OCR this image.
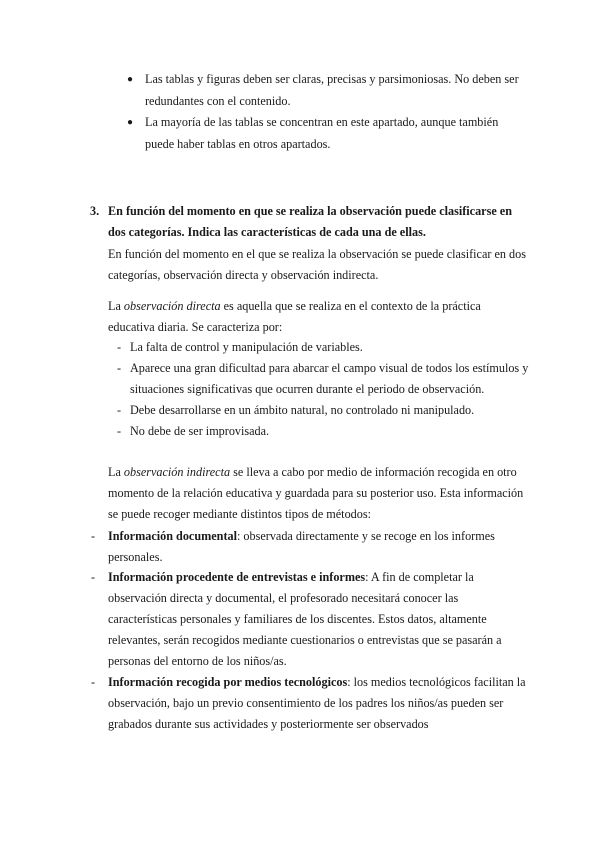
● Las tablas y figuras deben ser claras, precisas y parsimoniosas. No deben ser
redundantes con el contenido.
● La mayoría de las tablas se concentran en este apartado, aunque también
puede haber tablas en otros apartados.
3. En función del momento en que se realiza la observación puede clasificarse en
dos categorías. Indica las características de cada una de ellas.
En función del momento en el que se realiza la observación se puede clasificar en dos
categorías, observación directa y observación indirecta.
La observación directa es aquella que se realiza en el contexto de la práctica
educativa diaria. Se caracteriza por:
- La falta de control y manipulación de variables.
- Aparece una gran dificultad para abarcar el campo visual de todos los estímulos y
situaciones significativas que ocurren durante el periodo de observación.
- Debe desarrollarse en un ámbito natural, no controlado ni manipulado.
- No debe de ser improvisada.
La observación indirecta se lleva a cabo por medio de información recogida en otro
momento de la relación educativa y guardada para su posterior uso. Esta información
se puede recoger mediante distintos tipos de métodos:
- Información documental: observada directamente y se recoge en los informes
personales.
- Información procedente de entrevistas e informes: A fin de completar la
observación directa y documental, el profesorado necesitará conocer las
características personales y familiares de los discentes. Estos datos, altamente
relevantes, serán recogidos mediante cuestionarios o entrevistas que se pasarán a
personas del entorno de los niños/as.
- Información recogida por medios tecnológicos: los medios tecnológicos facilitan la
observación, bajo un previo consentimiento de los padres los niños/as pueden ser
grabados durante sus actividades y posteriormente ser observados
